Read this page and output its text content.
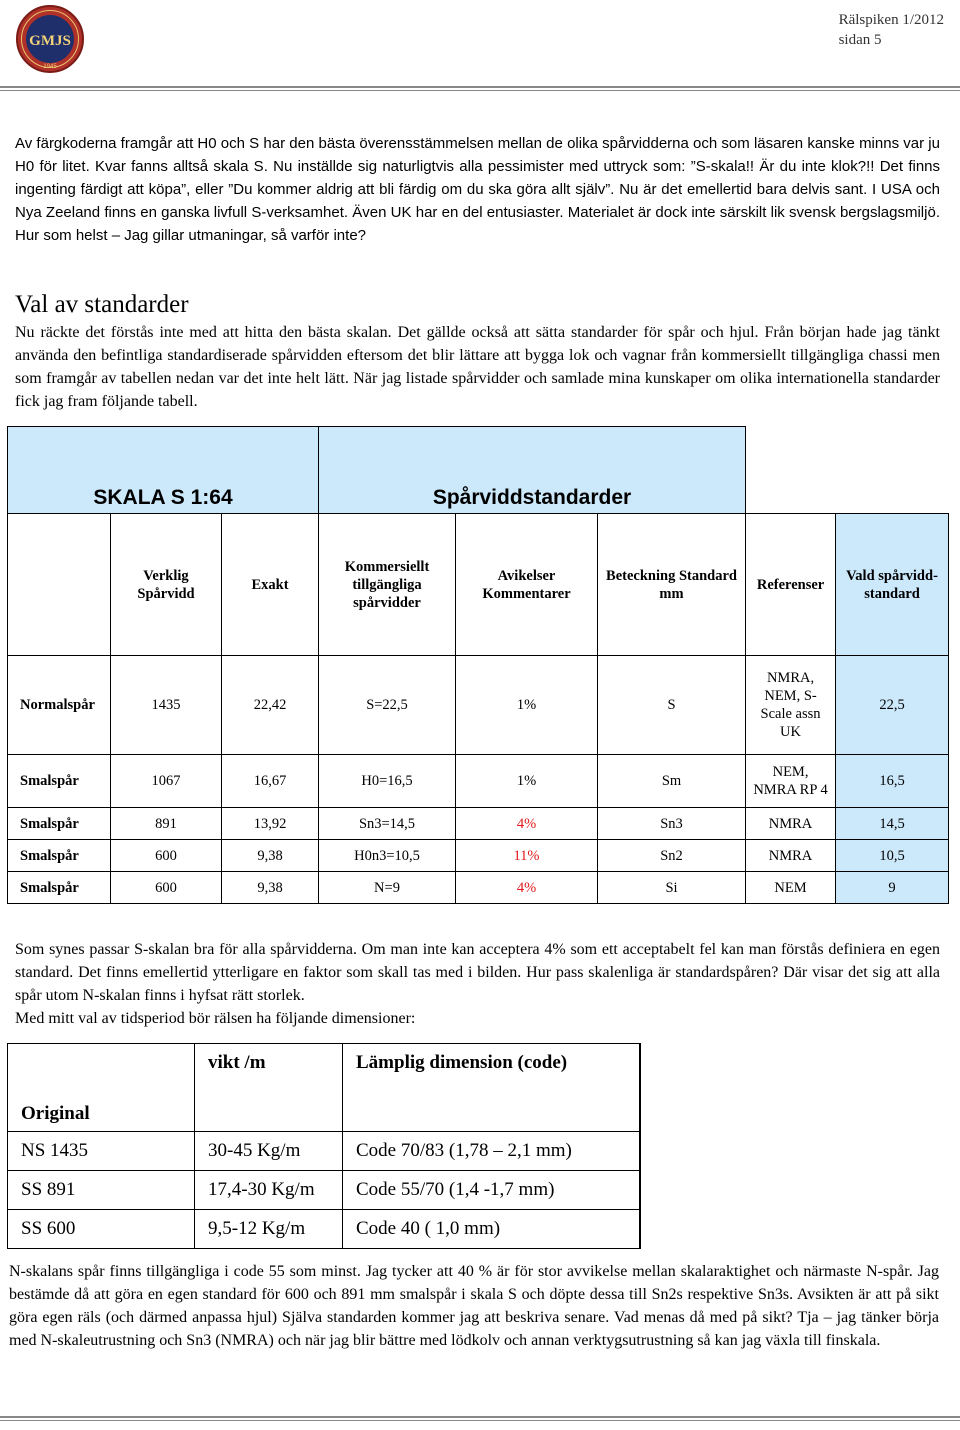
GMJS
1945
Rälspiken 1/2012
sidan 5

Av färgkoderna framgår att H0 och S har den bästa överensstämmelsen mellan de olika spårvidderna och som läsaren kanske minns var ju H0 för litet. Kvar fanns alltså skala S. Nu inställde sig naturligtvis alla pessimister med uttryck som: ”S-skala!! Är du inte klok?!! Det finns ingenting färdigt att köpa”, eller ”Du kommer aldrig att bli färdig om du ska göra allt själv”. Nu är det emellertid bara delvis sant. I USA och Nya Zeeland finns en ganska livfull S-verksamhet. Även UK har en del entusiaster. Materialet är dock inte särskilt lik svensk bergslagsmiljö. Hur som helst – Jag gillar utmaningar, så varför inte?

Val av standarder

Nu räckte det förstås inte med att hitta den bästa skalan. Det gällde också att sätta standarder för spår och hjul. Från början hade jag tänkt använda den befintliga standardiserade spårvidden eftersom det blir lättare att bygga lok och vagnar från kommersiellt tillgängliga chassi men som framgår av tabellen nedan var det inte helt lätt. När jag listade spårvidder och samlade mina kunskaper om olika internationella standarder fick jag fram följande tabell.

SKALA S 1:64			Spårviddstandarder				
	Verklig Spårvidd	Exakt	Kommersiellt tillgängliga spårvidder	Avikelser Kommentarer	Beteckning Standard mm	Referenser	Vald spårvidd-standard
Normalspår	1435	22,42	S=22,5	1%	S	NMRA, NEM, S-Scale assn UK	22,5
Smalspår	1067	16,67	H0=16,5	1%	Sm	NEM, NMRA RP 4	16,5
Smalspår	891	13,92	Sn3=14,5	4%	Sn3	NMRA	14,5
Smalspår	600	9,38	H0n3=10,5	11%	Sn2	NMRA	10,5
Smalspår	600	9,38	N=9	4%	Si	NEM	9
Som synes passar S-skalan bra för alla spårvidderna. Om man inte kan acceptera 4% som ett acceptabelt fel kan man förstås definiera en egen standard. Det finns emellertid ytterligare en faktor som skall tas med i bilden. Hur pass skalenliga är standardspåren? Där visar det sig att alla spår utom N-skalan finns i hyfsat rätt storlek.
Med mitt val av tidsperiod bör rälsen ha följande dimensioner:
Original	vikt /m	Lämplig dimension (code)
NS 1435	30-45 Kg/m	Code 70/83 (1,78 – 2,1 mm)
SS 891	17,4-30 Kg/m	Code 55/70 (1,4 -1,7 mm)
SS 600	9,5-12 Kg/m	Code 40 ( 1,0 mm)

N-skalans spår finns tillgängliga i code 55 som minst. Jag tycker att 40 % är för stor avvikelse mellan skalaraktighet och närmaste N-spår. Jag bestämde då att göra en egen standard för 600 och 891 mm smalspår i skala S och döpte dessa till Sn2s respektive Sn3s. Avsikten är att på sikt göra egen räls (och därmed anpassa hjul) Själva standarden kommer jag att beskriva senare. Vad menas då med på sikt? Tja – jag tänker börja med N-skaleutrustning och Sn3 (NMRA) och när jag blir bättre med lödkolv och annan verktygsutrustning så kan jag växla till finskala.
